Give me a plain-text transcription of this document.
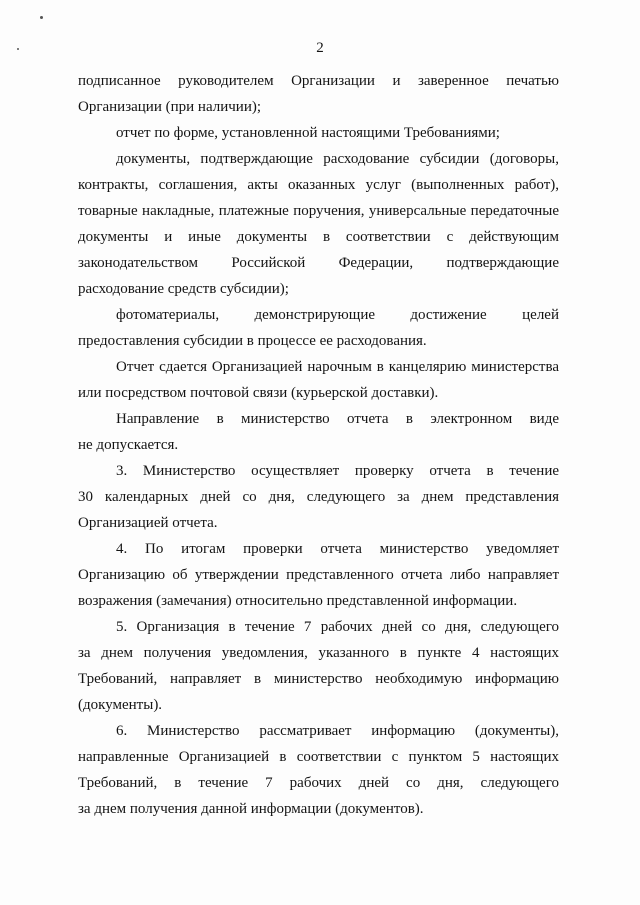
2
подписанное руководителем Организации и заверенное печатью
Организации (при наличии);
отчет по форме, установленной настоящими Требованиями;
документы, подтверждающие расходование субсидии (договоры,
контракты, соглашения, акты оказанных услуг (выполненных работ),
товарные накладные, платежные поручения, универсальные передаточные
документы и иные документы в соответствии с действующим
законодательством Российской Федерации, подтверждающие
расходование средств субсидии);
фотоматериалы, демонстрирующие достижение целей
предоставления субсидии в процессе ее расходования.
Отчет сдается Организацией нарочным в канцелярию министерства
или посредством почтовой связи (курьерской доставки).
Направление в министерство отчета в электронном виде
не допускается.
3. Министерство осуществляет проверку отчета в течение
30 календарных дней со дня, следующего за днем представления
Организацией отчета.
4. По итогам проверки отчета министерство уведомляет
Организацию об утверждении представленного отчета либо направляет
возражения (замечания) относительно представленной информации.
5. Организация в течение 7 рабочих дней со дня, следующего
за днем получения уведомления, указанного в пункте 4 настоящих
Требований, направляет в министерство необходимую информацию
(документы).
6. Министерство рассматривает информацию (документы),
направленные Организацией в соответствии с пунктом 5 настоящих
Требований, в течение 7 рабочих дней со дня, следующего
за днем получения данной информации (документов).
